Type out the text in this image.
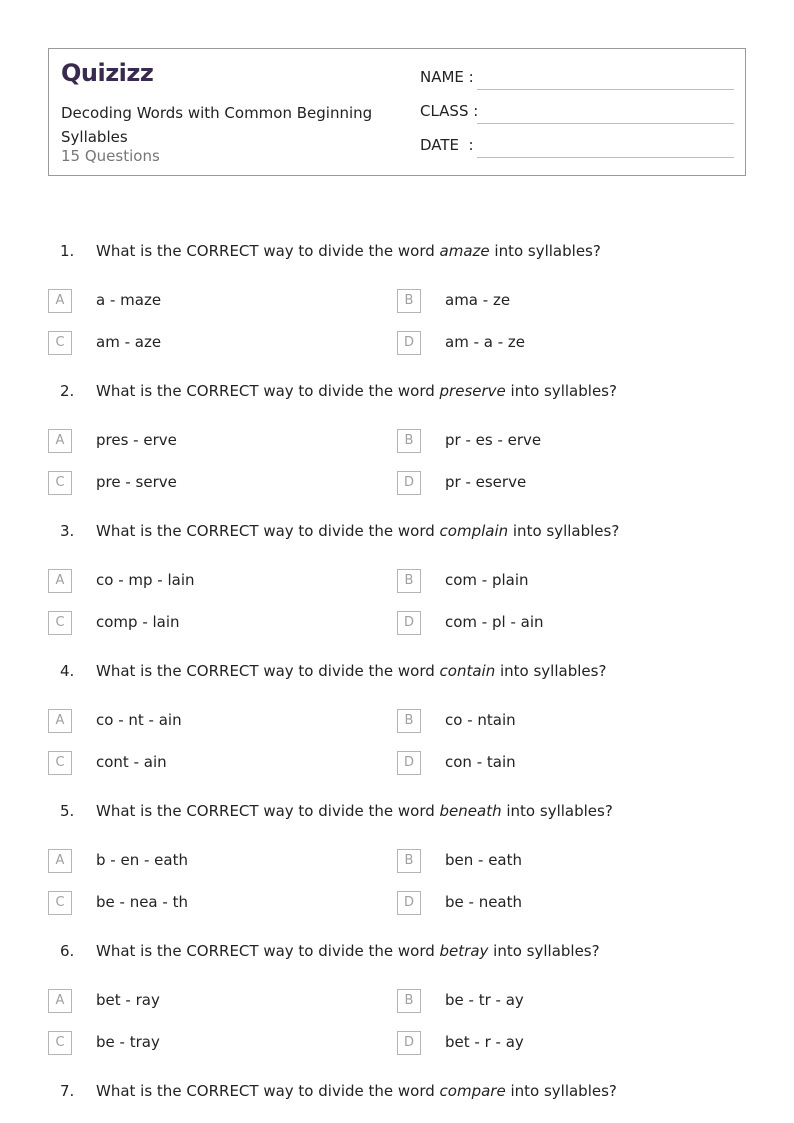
Quizizz
Decoding Words with Common Beginning Syllables
15 Questions
NAME :
CLASS :
DATE  :
1. What is the CORRECT way to divide the word amaze into syllables?
A	a - maze	B	ama - ze
C	am - aze	D	am - a - ze
2. What is the CORRECT way to divide the word preserve into syllables?
A	pres - erve	B	pr - es - erve
C	pre - serve	D	pr - eserve
3. What is the CORRECT way to divide the word complain into syllables?
A	co - mp - lain	B	com - plain
C	comp - lain	D	com - pl - ain
4. What is the CORRECT way to divide the word contain into syllables?
A	co - nt - ain	B	co - ntain
C	cont - ain	D	con - tain
5. What is the CORRECT way to divide the word beneath into syllables?
A	b - en - eath	B	ben - eath
C	be - nea - th	D	be - neath
6. What is the CORRECT way to divide the word betray into syllables?
A	bet - ray	B	be - tr - ay
C	be - tray	D	bet - r - ay
7. What is the CORRECT way to divide the word compare into syllables?
